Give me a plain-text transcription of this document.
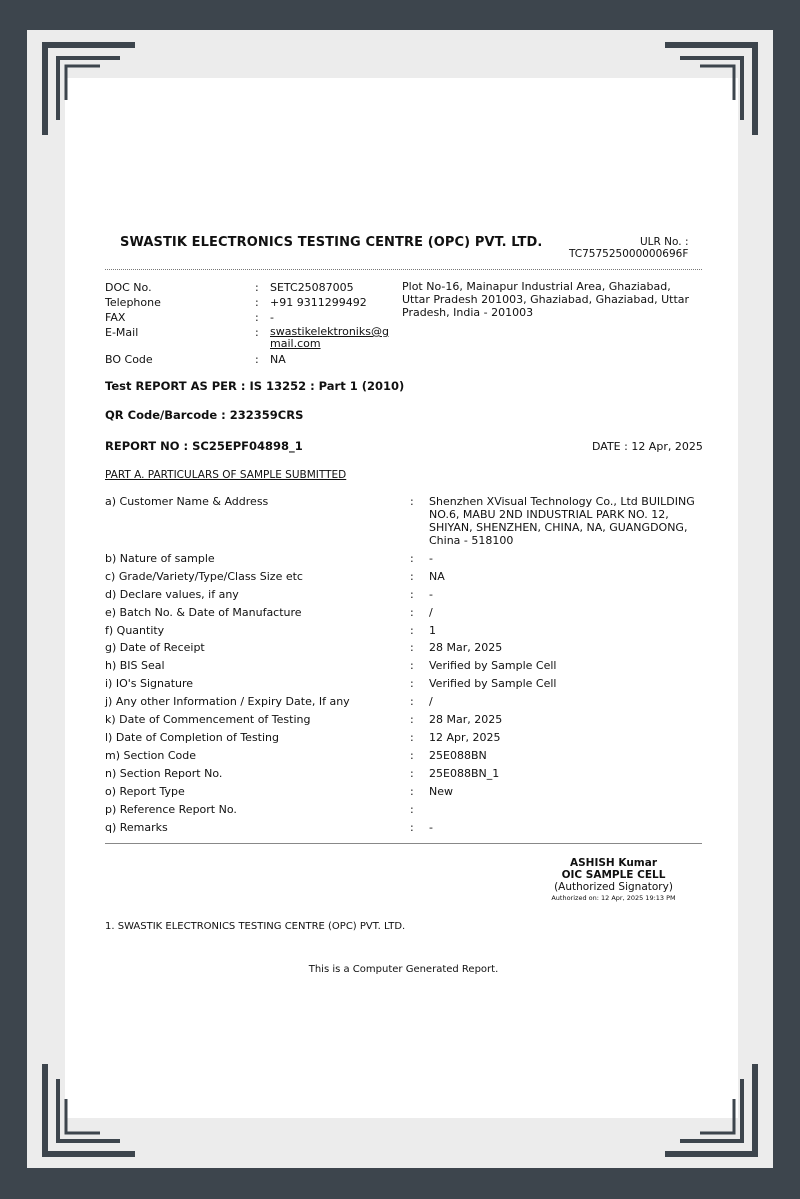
SWASTIK ELECTRONICS TESTING CENTRE (OPC) PVT. LTD.	ULR No. :
TC757525000000696F
DOC No.	: SETC25087005
Telephone	: +91 9311299492
FAX	: -
E-Mail	: swastikelektroniks@gmail.com
BO Code	: NA
Plot No-16, Mainapur Industrial Area, Ghaziabad, Uttar Pradesh 201003, Ghaziabad, Ghaziabad, Uttar Pradesh, India - 201003
Test REPORT AS PER : IS 13252 : Part 1 (2010)
QR Code/Barcode : 232359CRS
REPORT NO : SC25EPF04898_1	DATE : 12 Apr, 2025
PART A. PARTICULARS OF SAMPLE SUBMITTED
a) Customer Name & Address	: Shenzhen XVisual Technology Co., Ltd BUILDING NO.6, MABU 2ND INDUSTRIAL PARK NO. 12, SHIYAN, SHENZHEN, CHINA, NA, GUANGDONG, China - 518100
b) Nature of sample	: -
c) Grade/Variety/Type/Class Size etc	: NA
d) Declare values, if any	: -
e) Batch No. & Date of Manufacture	: /
f) Quantity	: 1
g) Date of Receipt	: 28 Mar, 2025
h) BIS Seal	: Verified by Sample Cell
i) IO's Signature	: Verified by Sample Cell
j) Any other Information / Expiry Date, If any	: /
k) Date of Commencement of Testing	: 28 Mar, 2025
l) Date of Completion of Testing	: 12 Apr, 2025
m) Section Code	: 25E088BN
n) Section Report No.	: 25E088BN_1
o) Report Type	: New
p) Reference Report No.	:
q) Remarks	: -
ASHISH Kumar
OIC SAMPLE CELL
(Authorized Signatory)
Authorized on: 12 Apr, 2025 19:13 PM
1. SWASTIK ELECTRONICS TESTING CENTRE (OPC) PVT. LTD.
This is a Computer Generated Report.
